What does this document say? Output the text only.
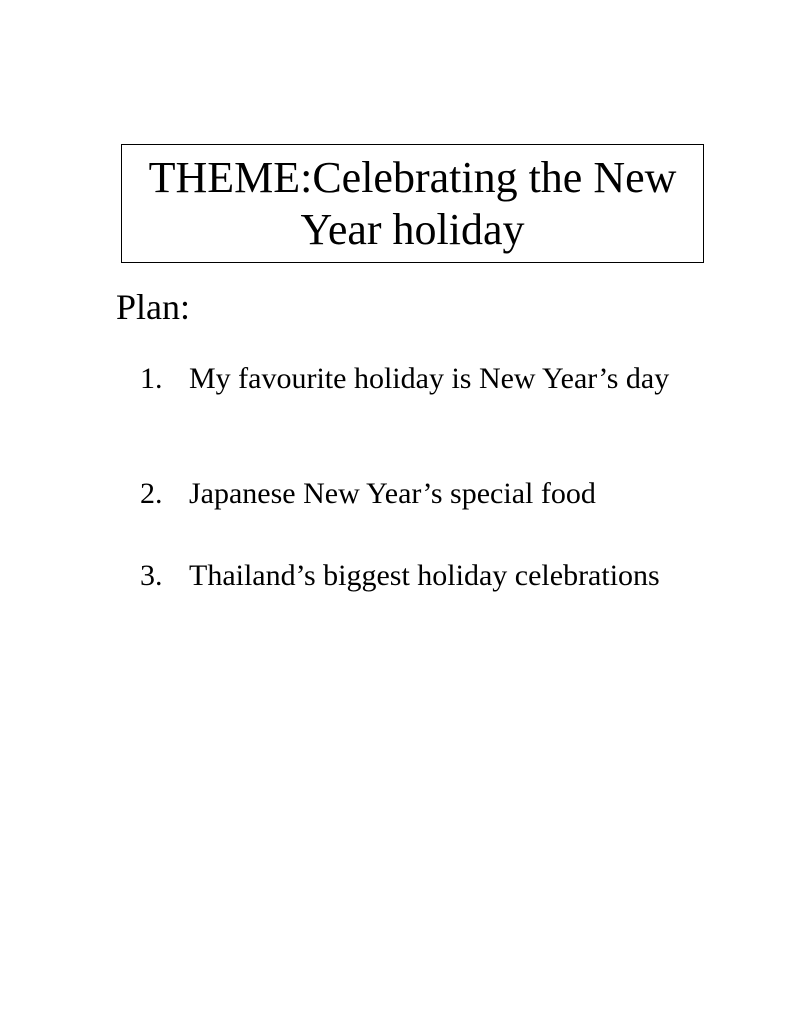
THEME:Celebrating the New Year holiday
Plan:
1. My favourite holiday is New Year’s day
2. Japanese New Year’s special food
3. Thailand’s biggest holiday celebrations
